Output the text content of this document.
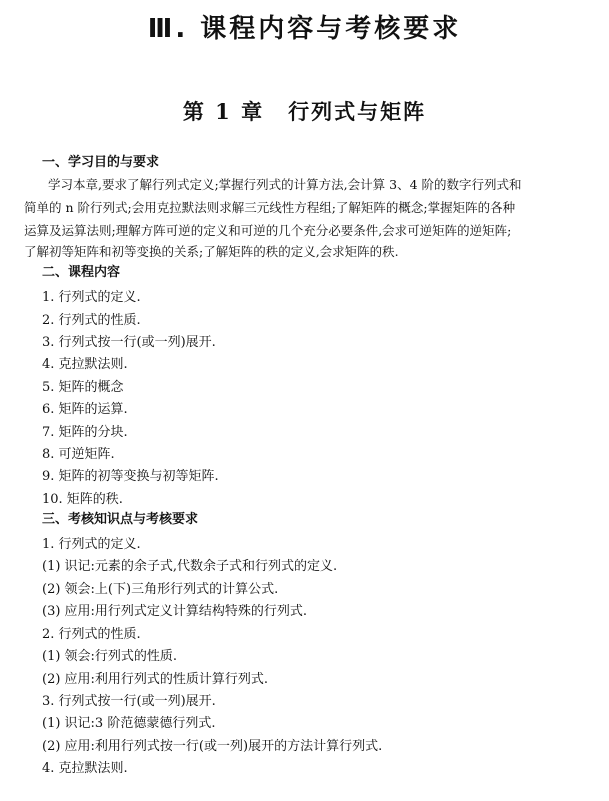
Ⅲ. 课程内容与考核要求
第 1 章 行列式与矩阵
一、学习目的与要求
学习本章,要求了解行列式定义;掌握行列式的计算方法,会计算 3、4 阶的数字行列式和
简单的 n 阶行列式;会用克拉默法则求解三元线性方程组;了解矩阵的概念;掌握矩阵的各种
运算及运算法则;理解方阵可逆的定义和可逆的几个充分必要条件,会求可逆矩阵的逆矩阵;
了解初等矩阵和初等变换的关系;了解矩阵的秩的定义,会求矩阵的秩.
二、课程内容
1. 行列式的定义.
2. 行列式的性质.
3. 行列式按一行(或一列)展开.
4. 克拉默法则.
5. 矩阵的概念
6. 矩阵的运算.
7. 矩阵的分块.
8. 可逆矩阵.
9. 矩阵的初等变换与初等矩阵.
10. 矩阵的秩.
三、考核知识点与考核要求
1. 行列式的定义.
(1) 识记:元素的余子式,代数余子式和行列式的定义.
(2) 领会:上(下)三角形行列式的计算公式.
(3) 应用:用行列式定义计算结构特殊的行列式.
2. 行列式的性质.
(1) 领会:行列式的性质.
(2) 应用:利用行列式的性质计算行列式.
3. 行列式按一行(或一列)展开.
(1) 识记:3 阶范德蒙德行列式.
(2) 应用:利用行列式按一行(或一列)展开的方法计算行列式.
4. 克拉默法则.
